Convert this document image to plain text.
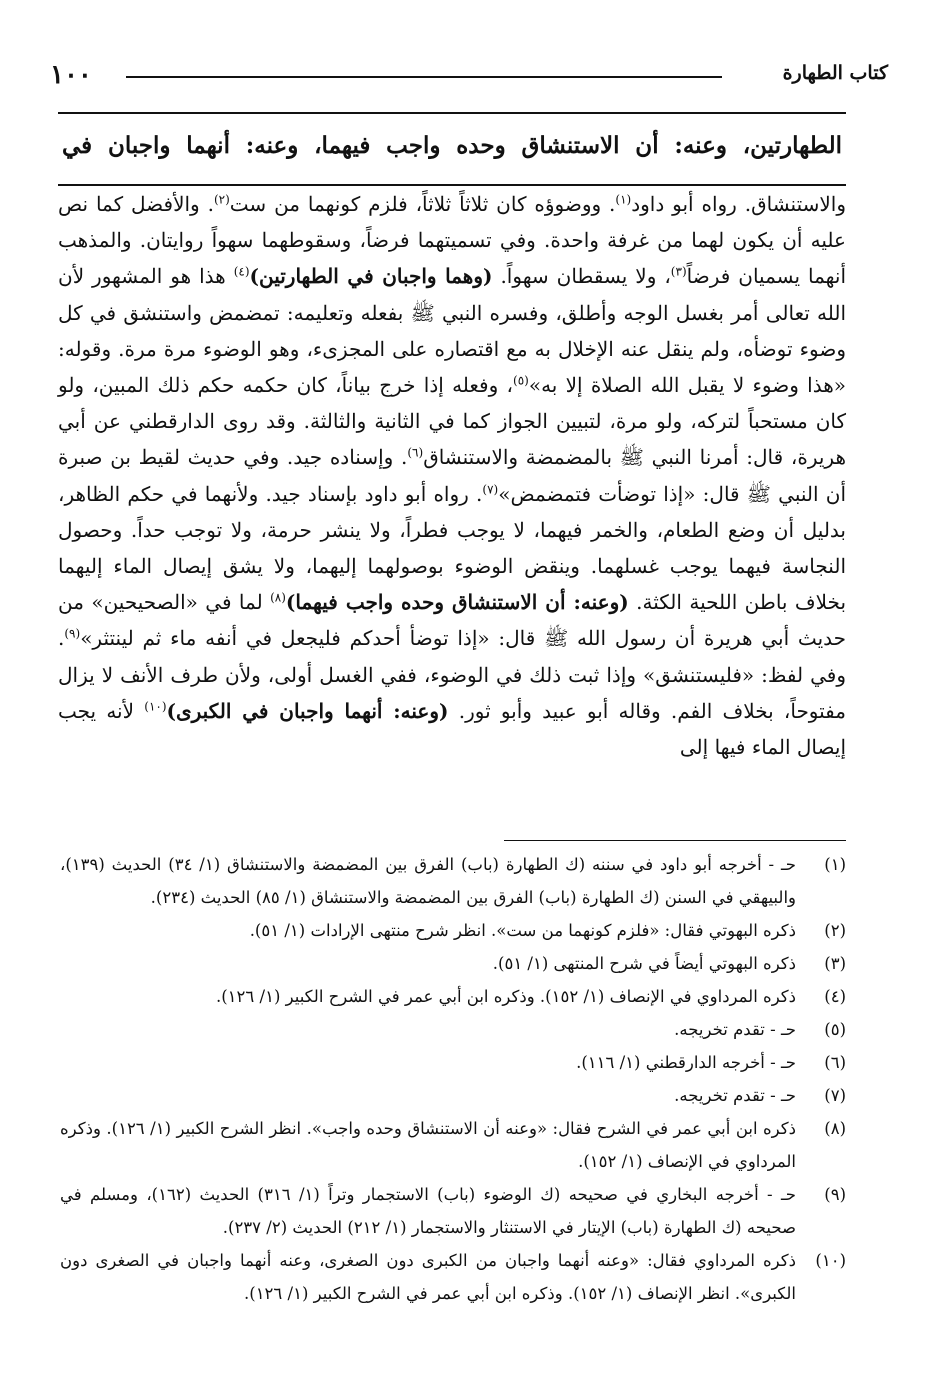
١٠٠	كتاب الطهارة
الطهارتين، وعنه: أن الاستنشاق وحده واجب فيهما، وعنه: أنهما واجبان في

والاستنشاق. رواه أبو داود$^{(١)}$. ووضوؤه كان ثلاثاً ثلاثاً، فلزم كونهما من ست$^{(٢)}$. والأفضل كما نص عليه أن يكون لهما من غرفة واحدة. وفي تسميتهما فرضاً، وسقوطهما سهواً روايتان. والمذهب أنهما يسميان فرضاً$^{(٣)}$، ولا يسقطان سهواً. (وهما واجبان في الطهارتين)$^{(٤)}$ هذا هو المشهور لأن الله تعالى أمر بغسل الوجه وأطلق، وفسره النبي ﷺ بفعله وتعليمه: تمضمض واستنشق في كل وضوء توضأه، ولم ينقل عنه الإخلال به مع اقتصاره على المجزىء، وهو الوضوء مرة مرة. وقوله: «هذا وضوء لا يقبل الله الصلاة إلا به»$^{(٥)}$، وفعله إذا خرج بياناً، كان حكمه حكم ذلك المبين، ولو كان مستحباً لتركه، ولو مرة، لتبيين الجواز كما في الثانية والثالثة. وقد روى الدارقطني عن أبي هريرة، قال: أمرنا النبي ﷺ بالمضمضة والاستنشاق$^{(٦)}$. وإسناده جيد. وفي حديث لقيط بن صبرة أن النبي ﷺ قال: «إذا توضأت فتمضمض»$^{(٧)}$. رواه أبو داود بإسناد جيد. ولأنهما في حكم الظاهر، بدليل أن وضع الطعام، والخمر فيهما، لا يوجب فطراً، ولا ينشر حرمة، ولا توجب حداً. وحصول النجاسة فيهما يوجب غسلهما. وينقض الوضوء بوصولهما إليهما، ولا يشق إيصال الماء إليهما بخلاف باطن اللحية الكثة. (وعنه: أن الاستنشاق وحده واجب فيهما)$^{(٨)}$ لما في «الصحيحين» من حديث أبي هريرة أن رسول الله ﷺ قال: «إذا توضأ أحدكم فليجعل في أنفه ماء ثم لينتثر»$^{(٩)}$. وفي لفظ: «فليستنشق» وإذا ثبت ذلك في الوضوء، ففي الغسل أولى، ولأن طرف الأنف لا يزال مفتوحاً، بخلاف الفم. وقاله أبو عبيد وأبو ثور. (وعنه: أنهما واجبان في الكبرى)$^{(١٠)}$ لأنه يجب إيصال الماء فيها إلى

(١)
حـ - أخرجه أبو داود في سننه (ك الطهارة (باب) الفرق بين المضمضة والاستنشاق (١/ ٣٤) الحديث (١٣٩)، والبيهقي في السنن (ك الطهارة (باب) الفرق بين المضمضة والاستنشاق (١/ ٨٥) الحديث (٢٣٤).
(٢)
ذكره البهوتي فقال: «فلزم كونهما من ست». انظر شرح منتهى الإرادات (١/ ٥١).
(٣)
ذكره البهوتي أيضاً في شرح المنتهى (١/ ٥١).
(٤)
ذكره المرداوي في الإنصاف (١/ ١٥٢). وذكره ابن أبي عمر في الشرح الكبير (١/ ١٢٦).
(٥)
حـ - تقدم تخريجه.
(٦)
حـ - أخرجه الدارقطني (١/ ١١٦).
(٧)
حـ - تقدم تخريجه.
(٨)
ذكره ابن أبي عمر في الشرح فقال: «وعنه أن الاستنشاق وحده واجب». انظر الشرح الكبير (١/ ١٢٦). وذكره المرداوي في الإنصاف (١/ ١٥٢).
(٩)
حـ - أخرجه البخاري في صحيحه (ك الوضوء (باب) الاستجمار وتراً (١/ ٣١٦) الحديث (١٦٢)، ومسلم في صحيحه (ك الطهارة (باب) الإيتار في الاستنثار والاستجمار (١/ ٢١٢) الحديث (٢/ ٢٣٧).
(١٠)
ذكره المرداوي فقال: «وعنه أنهما واجبان من الكبرى دون الصغرى، وعنه أنهما واجبان في الصغرى دون الكبرى». انظر الإنصاف (١/ ١٥٢). وذكره ابن أبي عمر في الشرح الكبير (١/ ١٢٦).
